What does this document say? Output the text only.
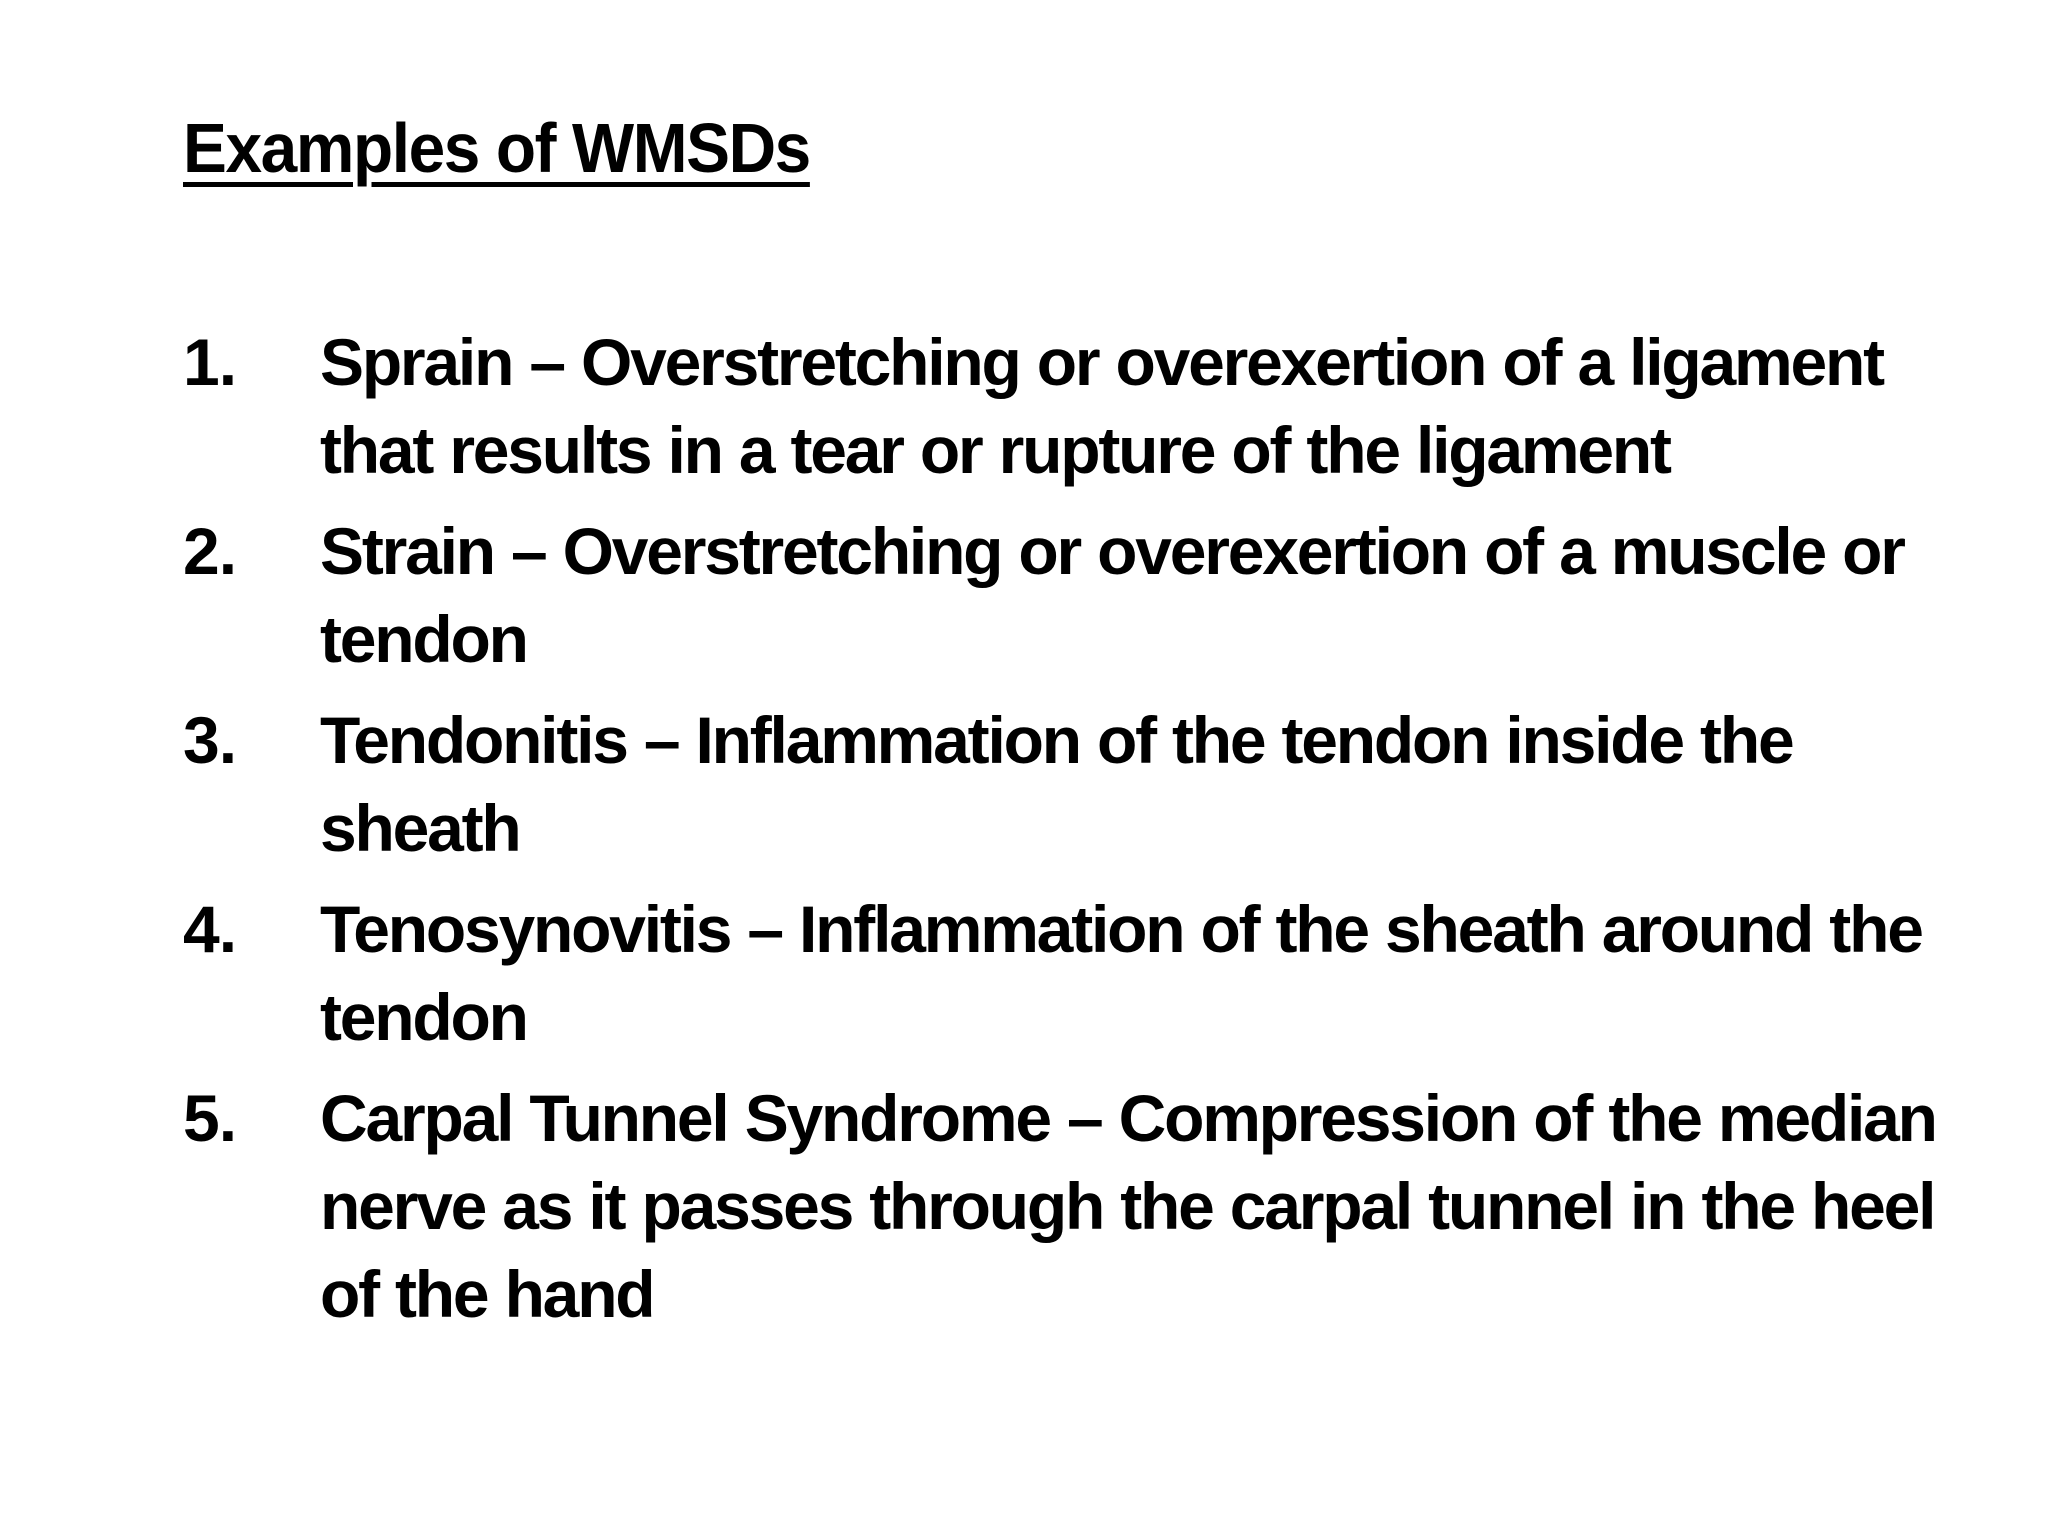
Examples of WMSDs
1. Sprain – Overstretching or overexertion of a ligament that results in a tear or rupture of the ligament
2. Strain – Overstretching or overexertion of a muscle or tendon
3. Tendonitis – Inflammation of the tendon inside the sheath
4. Tenosynovitis – Inflammation of the sheath around the tendon
5. Carpal Tunnel Syndrome – Compression of the median nerve as it passes through the carpal tunnel in the heel of the hand
